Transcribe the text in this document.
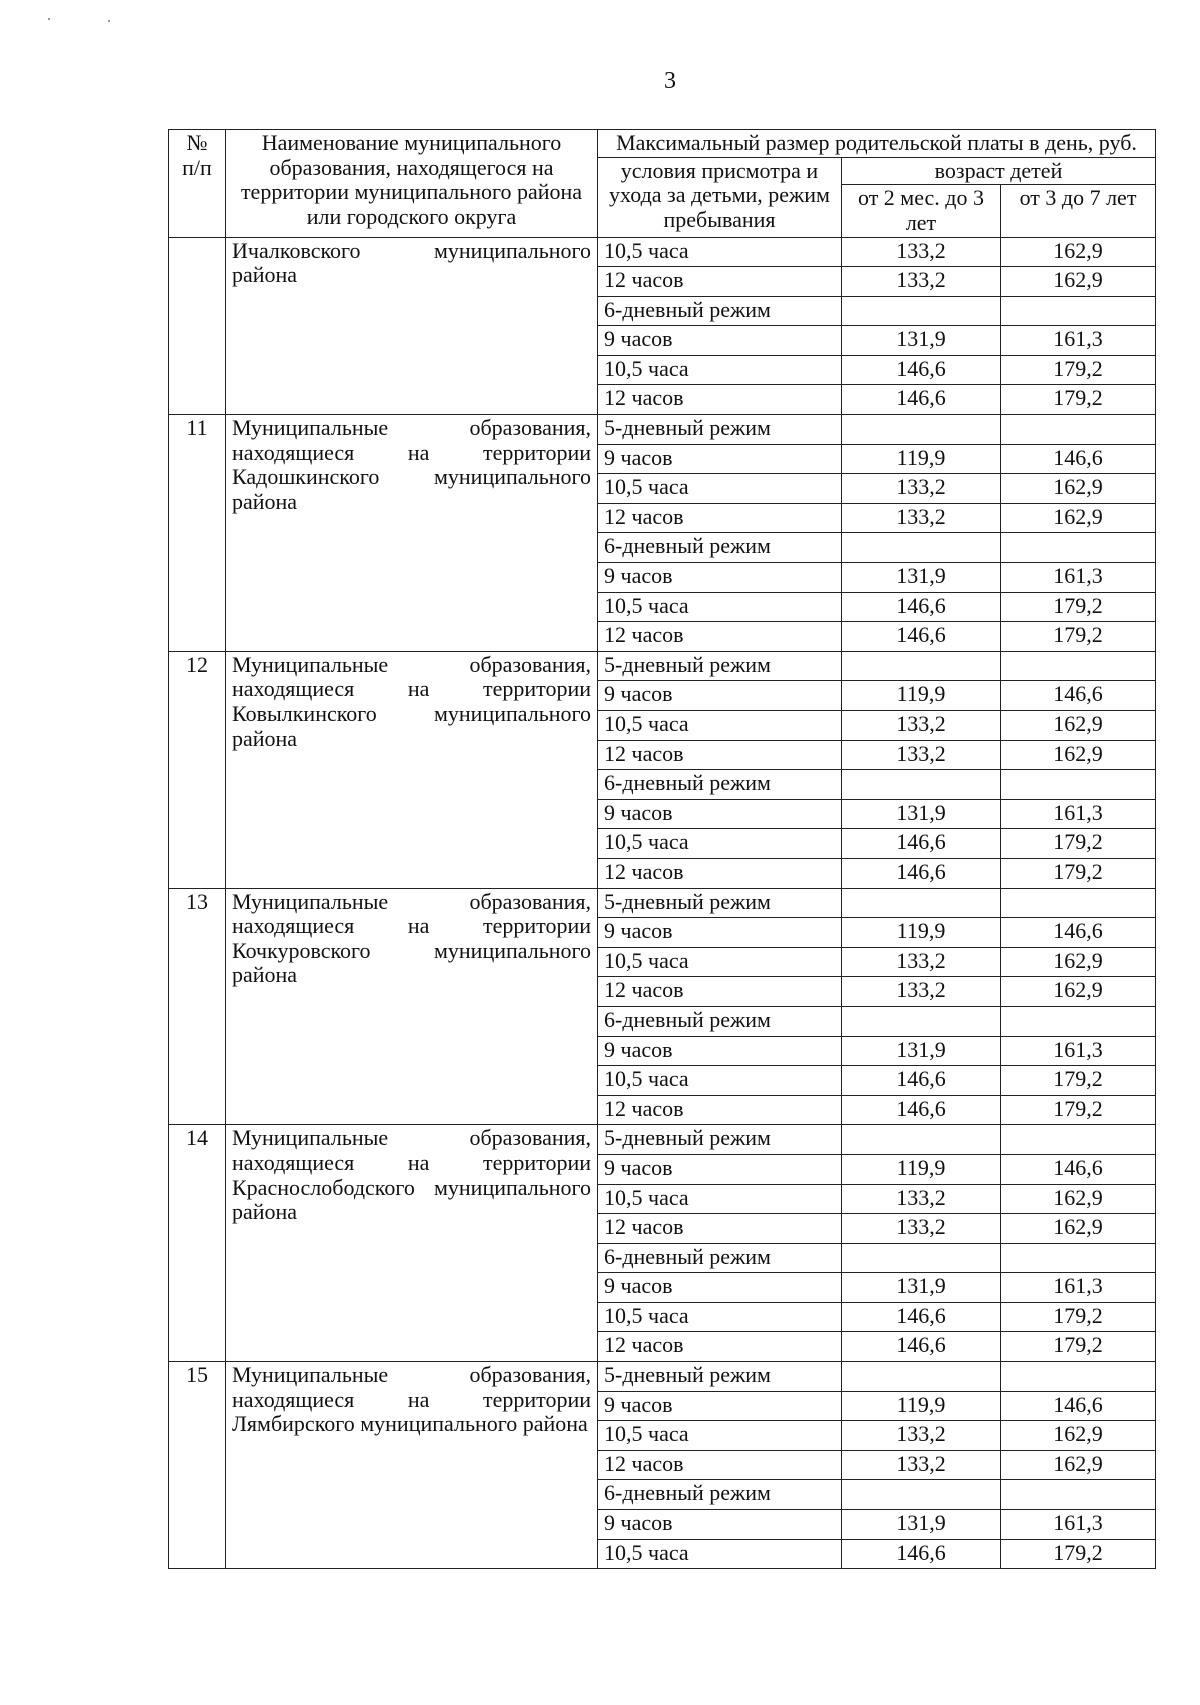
3
№ п/п	Наименование муниципального образования, находящегося на территории муниципального района или городского округа	Максимальный размер родительской платы в день, руб.		
		условия присмотра и ухода за детьми, режим пребывания	возраст детей	
			от 2 мес. до 3 лет	от 3 до 7 лет
	Ичалковского муниципального района	10,5 часа	133,2	162,9
		12 часов	133,2	162,9
		6-дневный режим		
		9 часов	131,9	161,3
		10,5 часа	146,6	179,2
		12 часов	146,6	179,2
11	Муниципальные образования, находящиеся на территории Кадошкинского муниципального района	5-дневный режим		
		9 часов	119,9	146,6
		10,5 часа	133,2	162,9
		12 часов	133,2	162,9
		6-дневный режим		
		9 часов	131,9	161,3
		10,5 часа	146,6	179,2
		12 часов	146,6	179,2
12	Муниципальные образования, находящиеся на территории Ковылкинского муниципального района	5-дневный режим		
		9 часов	119,9	146,6
		10,5 часа	133,2	162,9
		12 часов	133,2	162,9
		6-дневный режим		
		9 часов	131,9	161,3
		10,5 часа	146,6	179,2
		12 часов	146,6	179,2
13	Муниципальные образования, находящиеся на территории Кочкуровского муниципального района	5-дневный режим		
		9 часов	119,9	146,6
		10,5 часа	133,2	162,9
		12 часов	133,2	162,9
		6-дневный режим		
		9 часов	131,9	161,3
		10,5 часа	146,6	179,2
		12 часов	146,6	179,2
14	Муниципальные образования, находящиеся на территории Краснослободского муниципального района	5-дневный режим		
		9 часов	119,9	146,6
		10,5 часа	133,2	162,9
		12 часов	133,2	162,9
		6-дневный режим		
		9 часов	131,9	161,3
		10,5 часа	146,6	179,2
		12 часов	146,6	179,2
15	Муниципальные образования, находящиеся на территории Лямбирского муниципального района	5-дневный режим		
		9 часов	119,9	146,6
		10,5 часа	133,2	162,9
		12 часов	133,2	162,9
		6-дневный режим		
		9 часов	131,9	161,3
		10,5 часа	146,6	179,2
